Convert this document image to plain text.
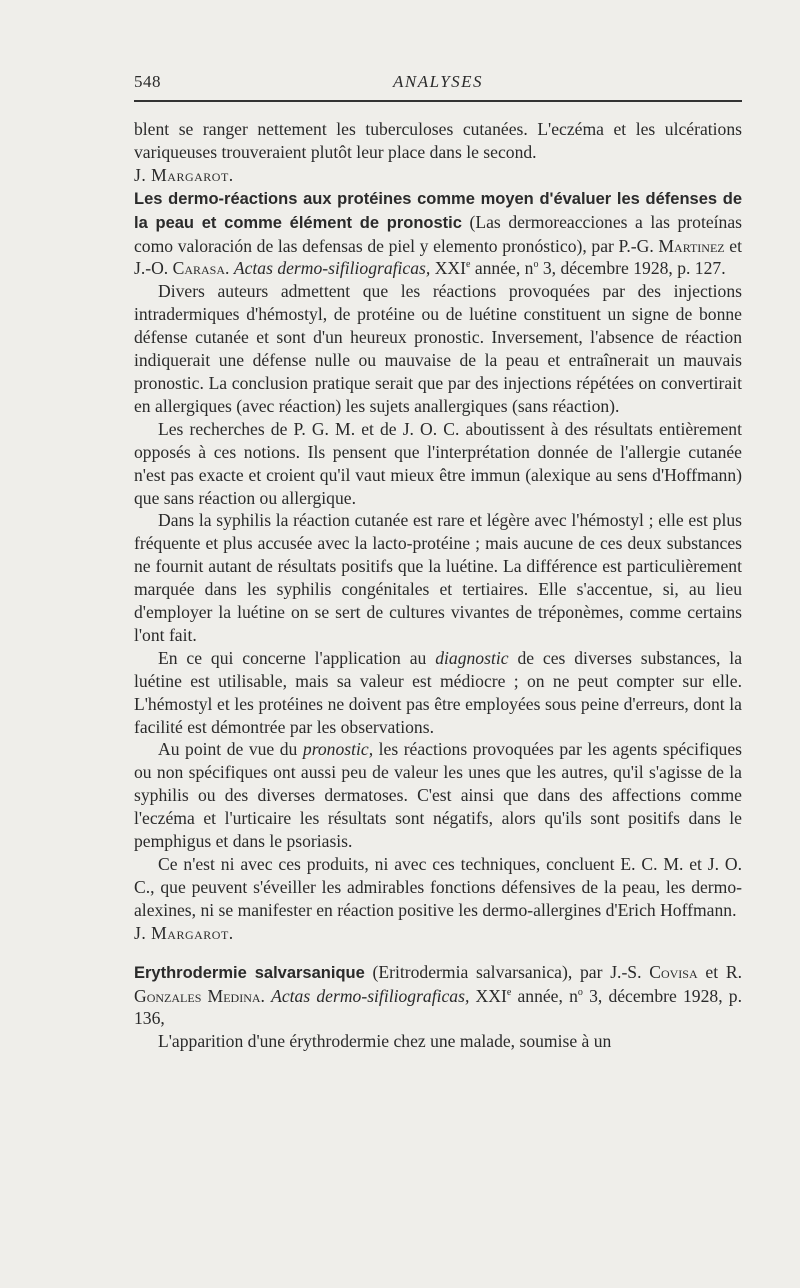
548	ANALYSES

blent se ranger nettement les tuberculoses cutanées. L'eczéma et les ulcérations variqueuses trouveraient plutôt leur place dans le second.

J. Margarot.

Les dermo-réactions aux protéines comme moyen d'évaluer les défenses de la peau et comme élément de pronostic (Las dermoreacciones a las proteínas como valoración de las defensas de piel y elemento pronóstico), par P.-G. Martinez et J.-O. Carasa. Actas dermo-sifiliograficas, XXIe année, $n^o$ 3, décembre 1928, p. 127.

Divers auteurs admettent que les réactions provoquées par des injections intradermiques d'hémostyl, de protéine ou de luétine constituent un signe de bonne défense cutanée et sont d'un heureux pronostic. Inversement, l'absence de réaction indiquerait une défense nulle ou mauvaise de la peau et entraînerait un mauvais pronostic. La conclusion pratique serait que par des injections répétées on convertirait en allergiques (avec réaction) les sujets anallergiques (sans réaction).

Les recherches de P. G. M. et de J. O. C. aboutissent à des résultats entièrement opposés à ces notions. Ils pensent que l'interprétation donnée de l'allergie cutanée n'est pas exacte et croient qu'il vaut mieux être immun (alexique au sens d'Hoffmann) que sans réaction ou allergique.

Dans la syphilis la réaction cutanée est rare et légère avec l'hémostyl ; elle est plus fréquente et plus accusée avec la lacto-protéine ; mais aucune de ces deux substances ne fournit autant de résultats positifs que la luétine. La différence est particulièrement marquée dans les syphilis congénitales et tertiaires. Elle s'accentue, si, au lieu d'employer la luétine on se sert de cultures vivantes de tréponèmes, comme certains l'ont fait.

En ce qui concerne l'application au diagnostic de ces diverses substances, la luétine est utilisable, mais sa valeur est médiocre ; on ne peut compter sur elle. L'hémostyl et les protéines ne doivent pas être employées sous peine d'erreurs, dont la facilité est démontrée par les observations.

Au point de vue du pronostic, les réactions provoquées par les agents spécifiques ou non spécifiques ont aussi peu de valeur les unes que les autres, qu'il s'agisse de la syphilis ou des diverses dermatoses. C'est ainsi que dans des affections comme l'eczéma et l'urticaire les résultats sont négatifs, alors qu'ils sont positifs dans le pemphigus et dans le psoriasis.

Ce n'est ni avec ces produits, ni avec ces techniques, concluent E. C. M. et J. O. C., que peuvent s'éveiller les admirables fonctions défensives de la peau, les dermo-alexines, ni se manifester en réaction positive les dermo-allergines d'Erich Hoffmann.

J. Margarot.

Erythrodermie salvarsanique (Eritrodermia salvarsanica), par J.-S. Covisa et R. Gonzales Medina. Actas dermo-sifiliograficas, XXIe année, $n^o$ 3, décembre 1928, p. 136,

L'apparition d'une érythrodermie chez une malade, soumise à un
